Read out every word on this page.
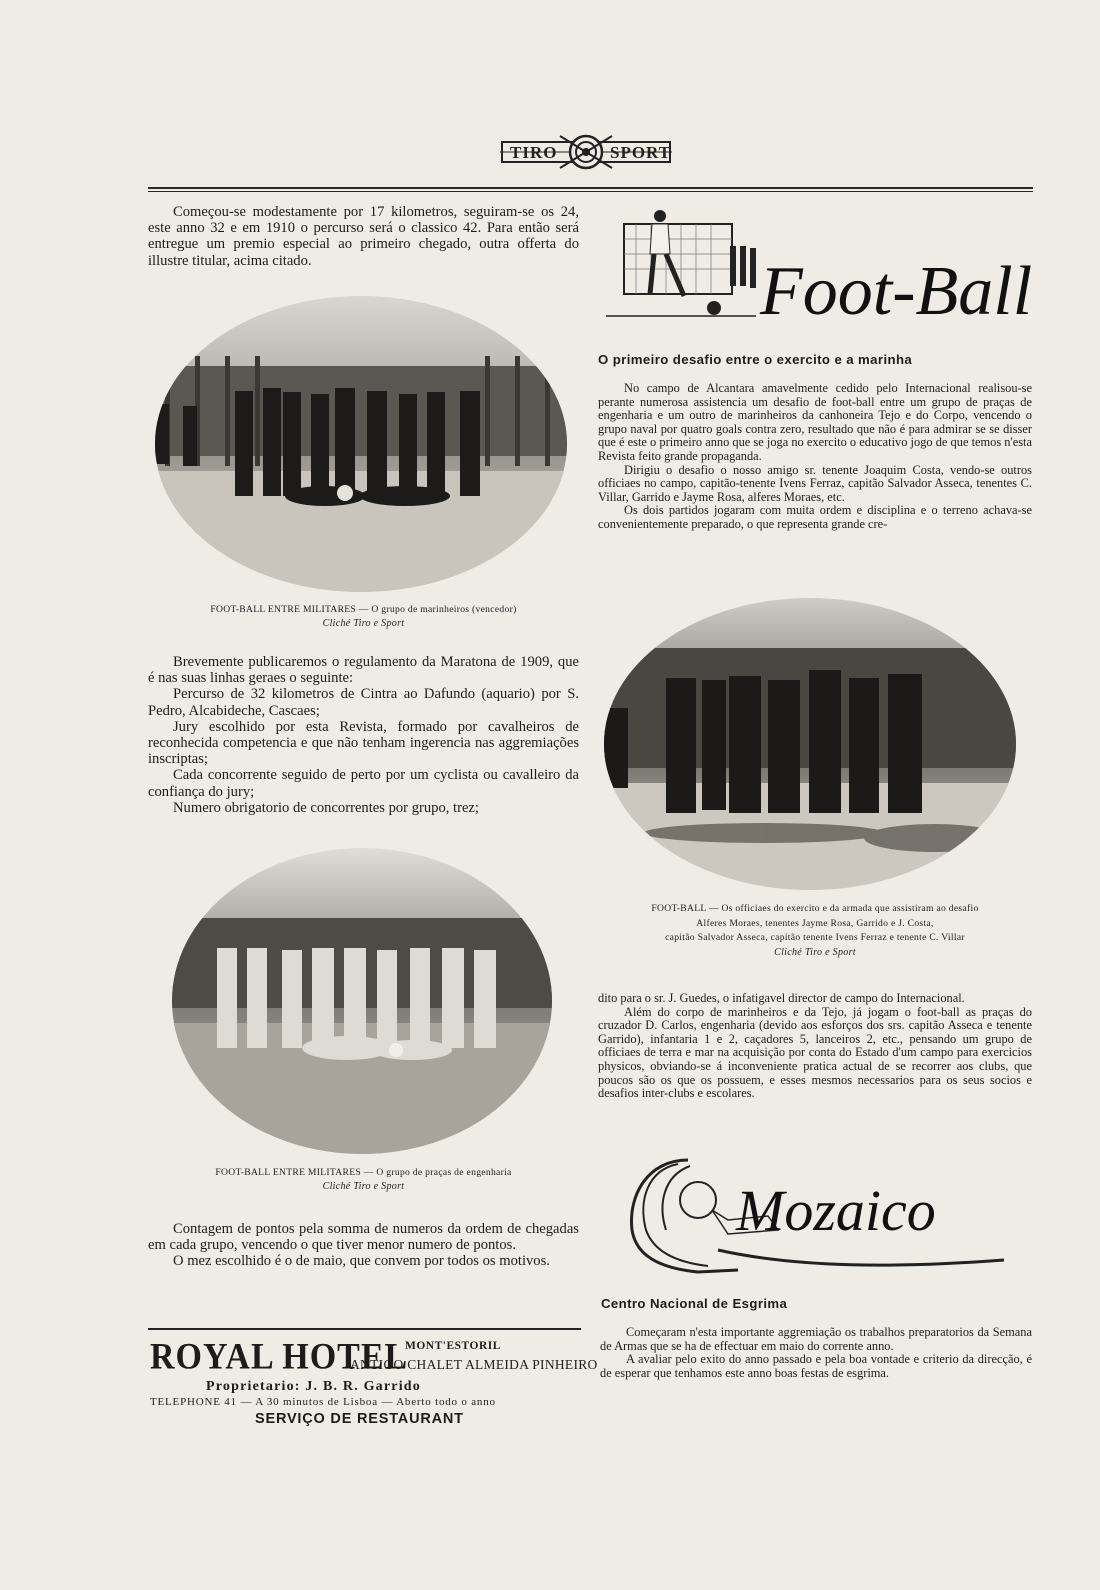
TIRO	SPORT

Começou-se modestamente por 17 kilometros, seguiram-se os 24, este anno 32 e em 1910 o percurso será o classico 42. Para então será entregue um premio especial ao primeiro chegado, outra offerta do illustre titular, acima citado.

FOOT-BALL ENTRE MILITARES — O grupo de marinheiros (vencedor)
Cliché Tiro e Sport

Brevemente publicaremos o regulamento da Maratona de 1909, que é nas suas linhas geraes o seguinte:

Percurso de 32 kilometros de Cintra ao Dafundo (aquario) por S. Pedro, Alcabideche, Cascaes;

Jury escolhido por esta Revista, formado por cavalheiros de reconhecida competencia e que não tenham ingerencia nas aggremiações inscriptas;

Cada concorrente seguido de perto por um cyclista ou cavalleiro da confiança do jury;

Numero obrigatorio de concorrentes por grupo, trez;

FOOT-BALL ENTRE MILITARES — O grupo de praças de engenharia
Cliché Tiro e Sport

Contagem de pontos pela somma de numeros da ordem de chegadas em cada grupo, vencendo o que tiver menor numero de pontos.

O mez escolhido é o de maio, que convem por todos os motivos.

ROYAL HOTEL
MONT'ESTORIL
ANTIGO CHALET ALMEIDA PINHEIRO
Proprietario: J. B. R. Garrido
TELEPHONE 41 — A 30 minutos de Lisboa — Aberto todo o anno
SERVIÇO DE RESTAURANT
Foot-Ball.
O primeiro desafio entre o exercito e a marinha

No campo de Alcantara amavelmente cedido pelo Internacional realisou-se perante numerosa assistencia um desafio de foot-ball entre um grupo de praças de engenharia e um outro de marinheiros da canhoneira Tejo e do Corpo, vencendo o grupo naval por quatro goals contra zero, resultado que não é para admirar se se disser que é este o primeiro anno que se joga no exercito o educativo jogo de que temos n'esta Revista feito grande propaganda.

Dirigiu o desafio o nosso amigo sr. tenente Joaquim Costa, vendo-se outros officiaes no campo, capitão-tenente Ivens Ferraz, capitão Salvador Asseca, tenentes C. Villar, Garrido e Jayme Rosa, alferes Moraes, etc.

Os dois partidos jogaram com muita ordem e disciplina e o terreno achava-se convenientemente preparado, o que representa grande cre-

FOOT-BALL — Os officiaes do exercito e da armada que assistiram ao desafio
Alferes Moraes, tenentes Jayme Rosa, Garrido e J. Costa,
capitão Salvador Asseca, capitão tenente Ivens Ferraz e tenente C. Villar
Cliché Tiro e Sport

dito para o sr. J. Guedes, o infatigavel director de campo do Internacional.

Além do corpo de marinheiros e da Tejo, já jogam o foot-ball as praças do cruzador D. Carlos, engenharia (devido aos esforços dos srs. capitão Asseca e tenente Garrido), infantaria 1 e 2, caçadores 5, lanceiros 2, etc., pensando um grupo de officiaes de terra e mar na acquisição por conta do Estado d'um campo para exercicios physicos, obviando-se á inconveniente pratica actual de se recorrer aos clubs, que poucos são os que os possuem, e esses mesmos necessarios para os seus socios e desafios inter-clubs e escolares.

Mozaico
Centro Nacional de Esgrima

Começaram n'esta importante aggremiação os trabalhos preparatorios da Semana de Armas que se ha de effectuar em maio do corrente anno.

A avaliar pelo exito do anno passado e pela boa vontade e criterio da direcção, é de esperar que tenhamos este anno boas festas de esgrima.
